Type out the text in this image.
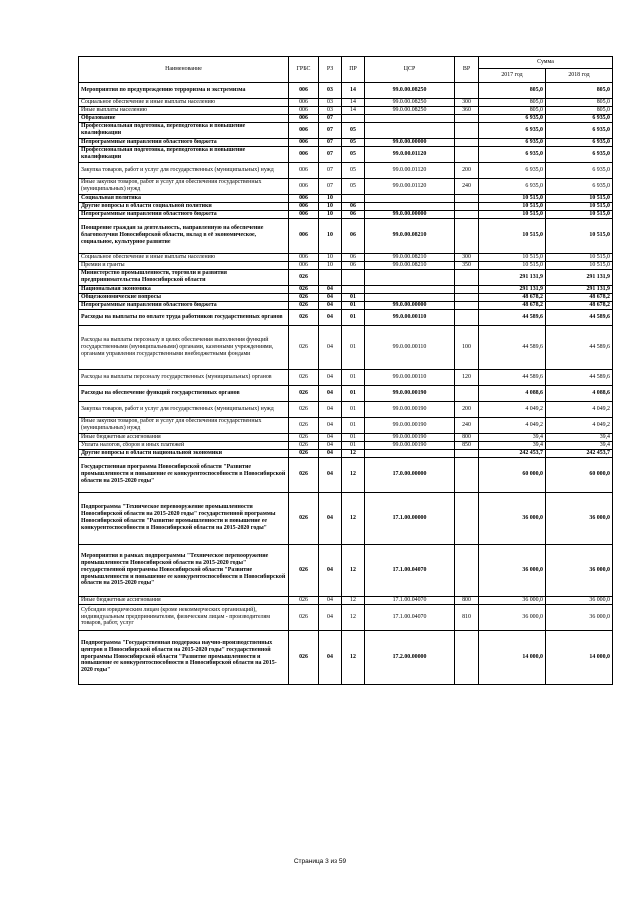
Наименование	ГРБС	РЗ	ПР	ЦСР	ВР	Сумма	
						2017 год	2018 год
Мероприятия по предупреждению терроризма и экстремизма	006	03	14	99.0.00.08250		805,0	805,0
Социальное обеспечение и иные выплаты населению	006	03	14	99.0.00.08250	300	805,0	805,0
Иные выплаты населению	006	03	14	99.0.00.08250	360	805,0	805,0
Образование	006	07				6 935,0	6 935,0
Профессиональная подготовка, переподготовка и повышение квалификации	006	07	05			6 935,0	6 935,0
Непрограммные направления областного бюджета	006	07	05	99.0.00.00000		6 935,0	6 935,0
Профессиональная подготовка, переподготовка и повышение квалификации	006	07	05	99.0.00.01120		6 935,0	6 935,0
Закупка товаров, работ и услуг для государственных (муниципальных) нужд	006	07	05	99.0.00.01120	200	6 935,0	6 935,0
Иные закупки товаров, работ и услуг для обеспечения государственных (муниципальных) нужд	006	07	05	99.0.00.01120	240	6 935,0	6 935,0
Социальная политика	006	10				10 515,0	10 515,0
Другие вопросы в области социальной политики	006	10	06			10 515,0	10 515,0
Непрограммные направления областного бюджета	006	10	06	99.0.00.00000		10 515,0	10 515,0
Поощрение граждан за деятельность, направленную на обеспечение благополучия Новосибирской области, вклад в её экономическое, социальное, культурное развитие	006	10	06	99.0.00.08210		10 515,0	10 515,0
Социальное обеспечение и иные выплаты населению	006	10	06	99.0.00.08210	300	10 515,0	10 515,0
Премии и гранты	006	10	06	99.0.00.08210	350	10 515,0	10 515,0
Министерство промышленности, торговли и развития предпринимательства Новосибирской области	026					291 131,9	291 131,9
Национальная экономика	026	04				291 131,9	291 131,9
Общеэкономические вопросы	026	04	01			48 678,2	48 678,2
Непрограммные направления областного бюджета	026	04	01	99.0.00.00000		48 678,2	48 678,2
Расходы на выплаты по оплате труда работников государственных органов	026	04	01	99.0.00.00110		44 589,6	44 589,6
Расходы на выплаты персоналу в целях обеспечения выполнения функций государственными (муниципальными) органами, казенными учреждениями, органами управления государственными внебюджетными фондами	026	04	01	99.0.00.00110	100	44 589,6	44 589,6
Расходы на выплаты персоналу государственных (муниципальных) органов	026	04	01	99.0.00.00110	120	44 589,6	44 589,6
Расходы на обеспечение функций государственных органов	026	04	01	99.0.00.00190		4 088,6	4 088,6
Закупка товаров, работ и услуг для государственных (муниципальных) нужд	026	04	01	99.0.00.00190	200	4 049,2	4 049,2
Иные закупки товаров, работ и услуг для обеспечения государственных (муниципальных) нужд	026	04	01	99.0.00.00190	240	4 049,2	4 049,2
Иные бюджетные ассигнования	026	04	01	99.0.00.00190	800	39,4	39,4
Уплата налогов, сборов и иных платежей	026	04	01	99.0.00.00190	850	39,4	39,4
Другие вопросы в области национальной экономики	026	04	12			242 453,7	242 453,7
Государственная программа Новосибирской области "Развитие промышленности и повышение ее конкурентоспособности в Новосибирской области на 2015-2020 годы"	026	04	12	17.0.00.00000		60 000,0	60 000,0
Подпрограмма "Техническое перевооружение промышленности Новосибирской области на 2015-2020 годы" государственной программы Новосибирской области "Развитие промышленности и повышение ее конкурентоспособности в Новосибирской области на 2015-2020 годы"	026	04	12	17.1.00.00000		36 000,0	36 000,0
Мероприятия в рамках подпрограммы "Техническое перевооружение промышленности Новосибирской области на 2015-2020 годы" государственной программы Новосибирской области "Развитие промышленности и повышение ее конкурентоспособности в Новосибирской области на 2015-2020 годы"	026	04	12	17.1.00.04070		36 000,0	36 000,0
Иные бюджетные ассигнования	026	04	12	17.1.00.04070	800	36 000,0	36 000,0
Субсидии юридическим лицам (кроме некоммерческих организаций), индивидуальным предпринимателям, физическим лицам - производителям товаров, работ, услуг	026	04	12	17.1.00.04070	810	36 000,0	36 000,0
Подпрограмма "Государственная поддержка научно-производственных центров в Новосибирской области на 2015-2020 годы" государственной программы Новосибирской области "Развитие промышленности и повышение ее конкурентоспособности в Новосибирской области на 2015-2020 годы"	026	04	12	17.2.00.00000		14 000,0	14 000,0
Страница 3 из 59
